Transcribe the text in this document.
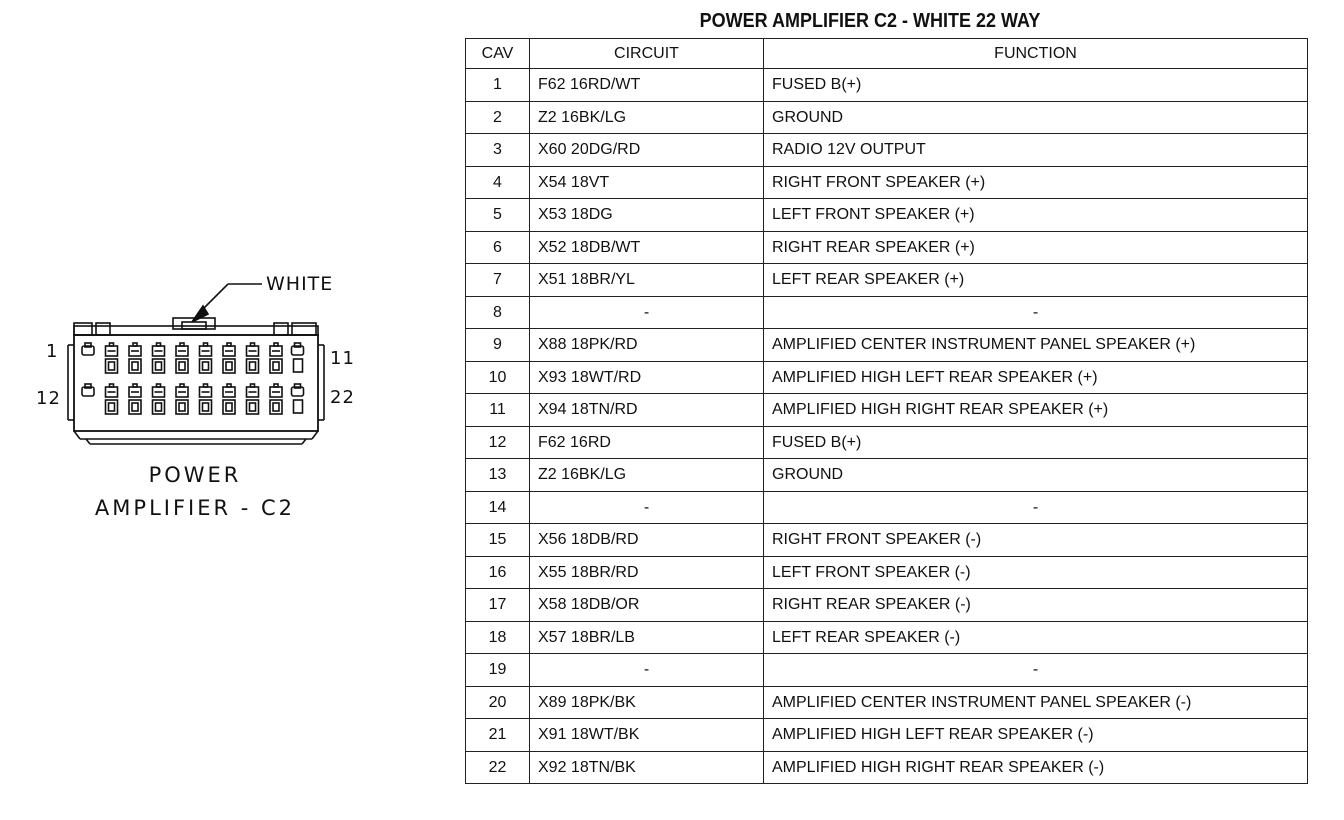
WHITE
1	11
12	22
POWER
AMPLIFIER - C2
POWER AMPLIFIER C2 - WHITE 22 WAY
CAV	CIRCUIT	FUNCTION
1	F62 16RD/WT	FUSED B(+)
2	Z2 16BK/LG	GROUND
3	X60 20DG/RD	RADIO 12V OUTPUT
4	X54 18VT	RIGHT FRONT SPEAKER (+)
5	X53 18DG	LEFT FRONT SPEAKER (+)
6	X52 18DB/WT	RIGHT REAR SPEAKER (+)
7	X51 18BR/YL	LEFT REAR SPEAKER (+)
8	-	-
9	X88 18PK/RD	AMPLIFIED CENTER INSTRUMENT PANEL SPEAKER (+)
10	X93 18WT/RD	AMPLIFIED HIGH LEFT REAR SPEAKER (+)
11	X94 18TN/RD	AMPLIFIED HIGH RIGHT REAR SPEAKER (+)
12	F62 16RD	FUSED B(+)
13	Z2 16BK/LG	GROUND
14	-	-
15	X56 18DB/RD	RIGHT FRONT SPEAKER (-)
16	X55 18BR/RD	LEFT FRONT SPEAKER (-)
17	X58 18DB/OR	RIGHT REAR SPEAKER (-)
18	X57 18BR/LB	LEFT REAR SPEAKER (-)
19	-	-
20	X89 18PK/BK	AMPLIFIED CENTER INSTRUMENT PANEL SPEAKER (-)
21	X91 18WT/BK	AMPLIFIED HIGH LEFT REAR SPEAKER (-)
22	X92 18TN/BK	AMPLIFIED HIGH RIGHT REAR SPEAKER (-)
